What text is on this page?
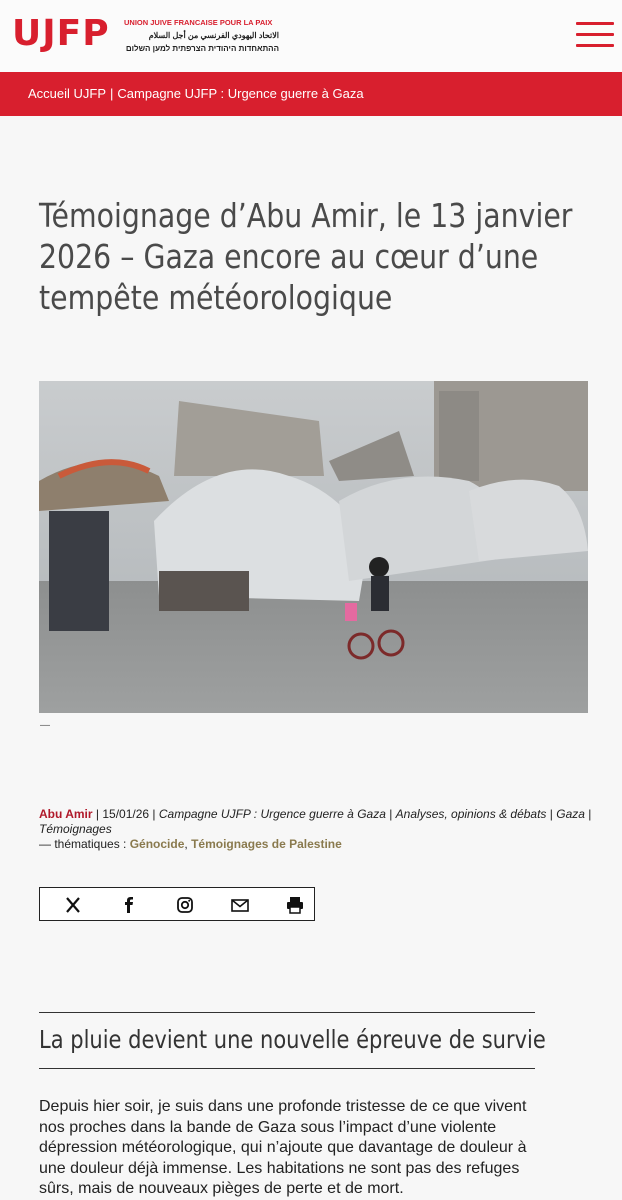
UJFP UNION JUIVE FRANCAISE POUR LA PAIX
الاتحاد اليهودي الفرنسي من أجل السلام
ההתאחדות היהודית הצרפתית למען השלום
Accueil UJFP | Campagne UJFP : Urgence guerre à Gaza
Témoignage d’Abu Amir, le 13 janvier 2026 – Gaza encore au cœur d’une tempête météorologique
—
Abu Amir | 15/01/26 | Campagne UJFP : Urgence guerre à Gaza | Analyses, opinions & débats | Gaza | Témoignages
— thématiques : Génocide, Témoignages de Palestine
La pluie devient une nouvelle épreuve de survie

Depuis hier soir, je suis dans une profonde tristesse de ce que vivent nos proches dans la bande de Gaza sous l’impact d’une violente dépression météorologique, qui n’ajoute que davantage de douleur à une douleur déjà immense. Les habitations ne sont pas des refuges sûrs, mais de nouveaux pièges de perte et de mort.
